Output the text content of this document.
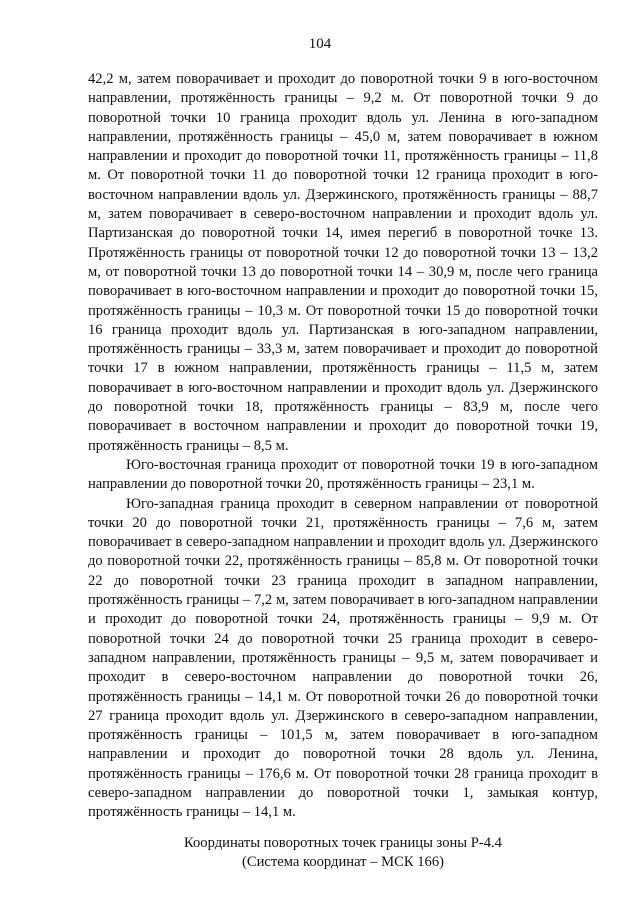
104

42,2 м, затем поворачивает и проходит до поворотной точки 9 в юго-восточном направлении, протяжённость границы – 9,2 м. От поворотной точки 9 до поворотной точки 10 граница проходит вдоль ул. Ленина в юго-западном направлении, протяжённость границы – 45,0 м, затем поворачивает в южном направлении и проходит до поворотной точки 11, протяжённость границы – 11,8 м. От поворотной точки 11 до поворотной точки 12 граница проходит в юго-восточном направлении вдоль ул. Дзержинского, протяжённость границы – 88,7 м, затем поворачивает в северо-восточном направлении и проходит вдоль ул. Партизанская до поворотной точки 14, имея перегиб в поворотной точке 13. Протяжённость границы от поворотной точки 12 до поворотной точки 13 – 13,2 м, от поворотной точки 13 до поворотной точки 14 – 30,9 м, после чего граница поворачивает в юго-восточном направлении и проходит до поворотной точки 15, протяжённость границы – 10,3 м. От поворотной точки 15 до поворотной точки 16 граница проходит вдоль ул. Партизанская в юго-западном направлении, протяжённость границы – 33,3 м, затем поворачивает и проходит до поворотной точки 17 в южном направлении, протяжённость границы – 11,5 м, затем поворачивает в юго-восточном направлении и проходит вдоль ул. Дзержинского до поворотной точки 18, протяжённость границы – 83,9 м, после чего поворачивает в восточном направлении и проходит до поворотной точки 19, протяжённость границы – 8,5 м.

Юго-восточная граница проходит от поворотной точки 19 в юго-западном направлении до поворотной точки 20, протяжённость границы – 23,1 м.

Юго-западная граница проходит в северном направлении от поворотной точки 20 до поворотной точки 21, протяжённость границы – 7,6 м, затем поворачивает в северо-западном направлении и проходит вдоль ул. Дзержинского до поворотной точки 22, протяжённость границы – 85,8 м. От поворотной точки 22 до поворотной точки 23 граница проходит в западном направлении, протяжённость границы – 7,2 м, затем поворачивает в юго-западном направлении и проходит до поворотной точки 24, протяжённость границы – 9,9 м. От поворотной точки 24 до поворотной точки 25 граница проходит в северо-западном направлении, протяжённость границы – 9,5 м, затем поворачивает и проходит в северо-восточном направлении до поворотной точки 26, протяжённость границы – 14,1 м. От поворотной точки 26 до поворотной точки 27 граница проходит вдоль ул. Дзержинского в северо-западном направлении, протяжённость границы – 101,5 м, затем поворачивает в юго-западном направлении и проходит до поворотной точки 28 вдоль ул. Ленина, протяжённость границы – 176,6 м. От поворотной точки 28 граница проходит в северо-западном направлении до поворотной точки 1, замыкая контур, протяжённость границы – 14,1 м.

Координаты поворотных точек границы зоны Р-4.4
(Система координат – МСК 166)
